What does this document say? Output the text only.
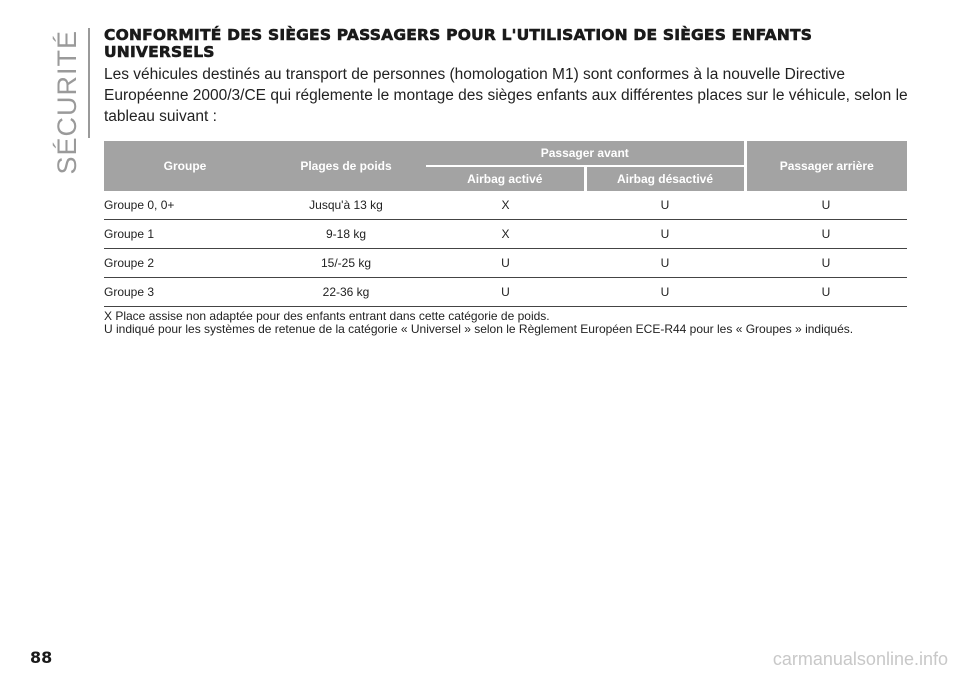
SÉCURITÉ CONFORMITÉ DES SIÈGES PASSAGERS POUR L'UTILISATION DE SIÈGES ENFANTS UNIVERSELS

Les véhicules destinés au transport de personnes (homologation M1) sont conformes à la nouvelle Directive Européenne 2000/3/CE qui réglemente le montage des sièges enfants aux différentes places sur le véhicule, selon le tableau suivant :

Groupe	Plages de poids	Passager avant		Passager arrière
		Airbag activé	Airbag désactivé	
Groupe 0, 0+	Jusqu'à 13 kg	X	U	U
Groupe 1	9-18 kg	X	U	U
Groupe 2	15/-25 kg	U	U	U
Groupe 3	22-36 kg	U	U	U
X Place assise non adaptée pour des enfants entrant dans cette catégorie de poids.
U indiqué pour les systèmes de retenue de la catégorie « Universel » selon le Règlement Européen ECE-R44 pour les « Groupes » indiqués.
88	carmanualsonline.info
